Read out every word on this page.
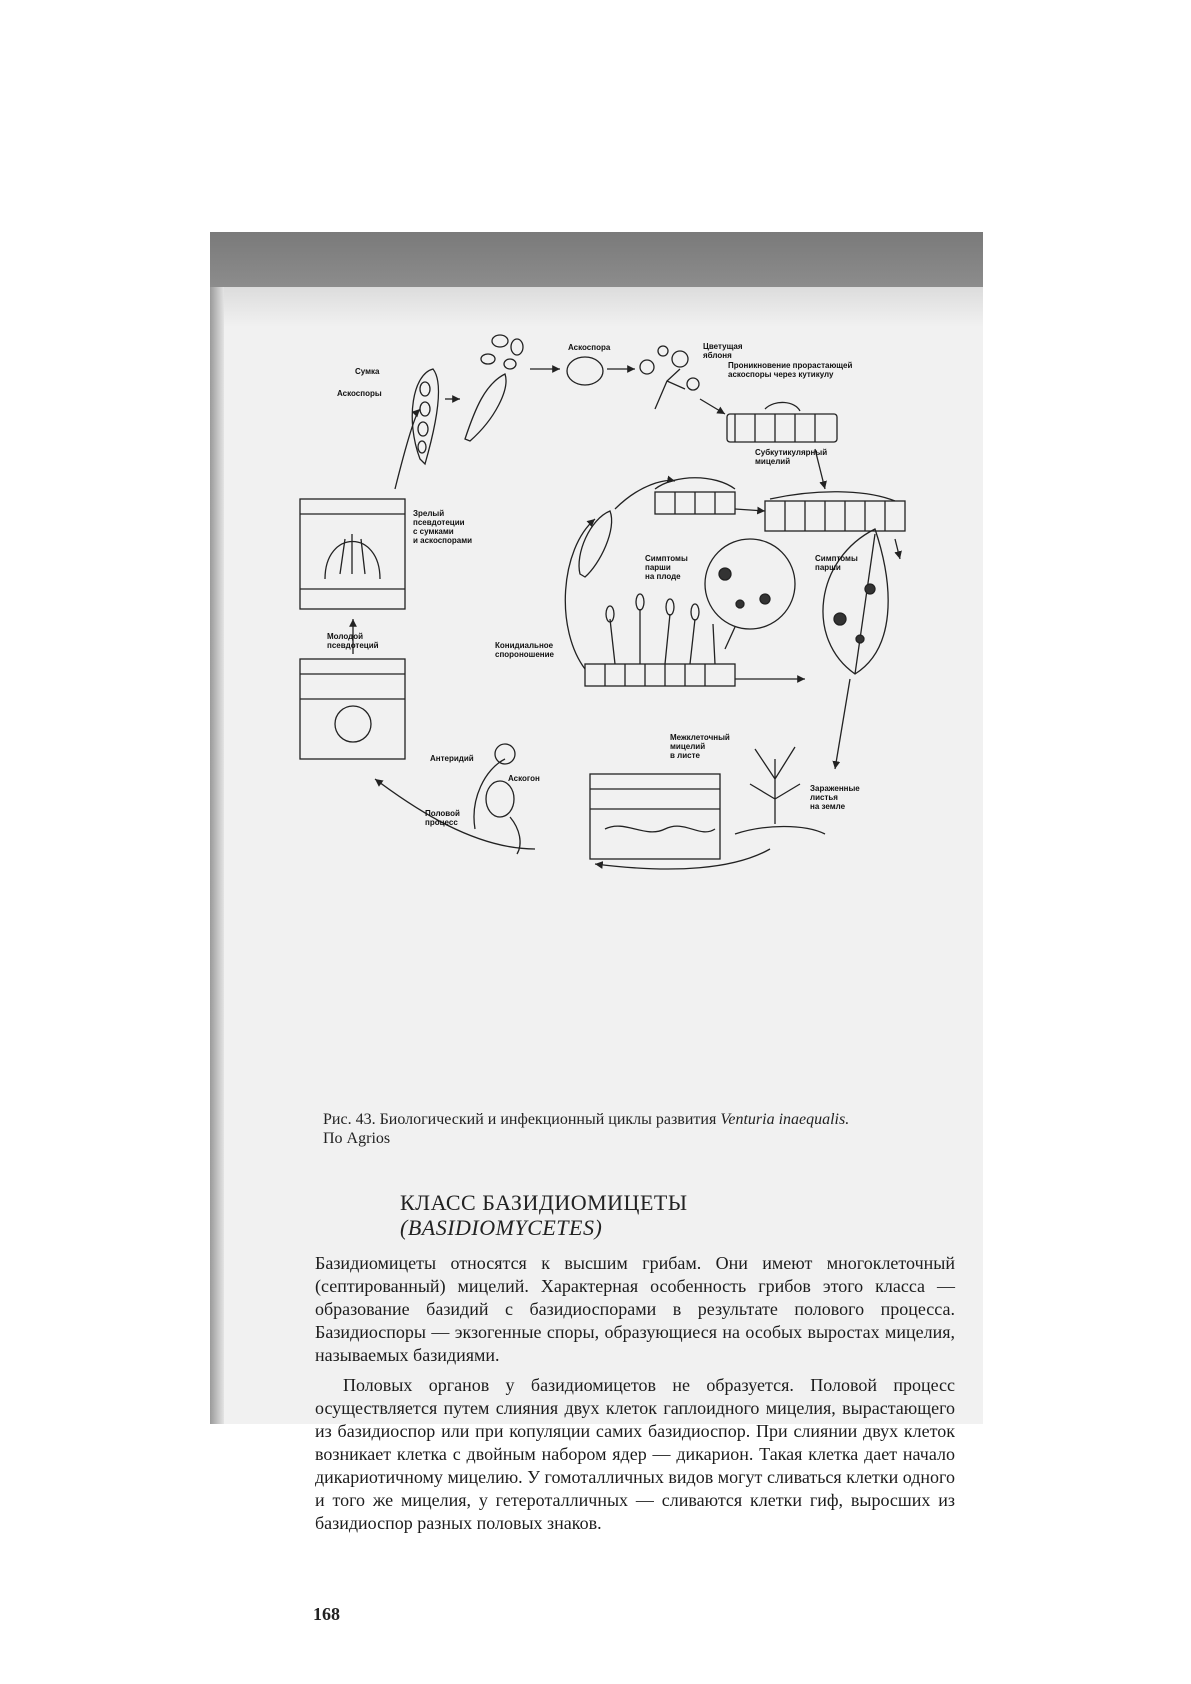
Сумка
Аскоспоры
Аскоспора	Цветущая
яблоня
Проникновение прорастающей
аскоспоры через кутикулу
Субкутикулярный
мицелий
Зрелый
псевдотеции
с сумками
и аскоспорами
Симптомы
парши
на плоде
Симптомы
парши
Молодой
псевдотеций	Конидиальное
спороношение
Межклеточный
мицелий
в листе
Антеридий
Аскогон
Половой
процесс
Зараженные
листья
на земле
Рис. 43. Биологический и инфекционный циклы развития Venturia inaequalis.
По Agrios
КЛАСС БАЗИДИОМИЦЕТЫ
(BASIDIOMYCETES)

Базидиомицеты относятся к высшим грибам. Они имеют многоклеточный (септированный) мицелий. Характерная особенность грибов этого класса — образование базидий с базидиоспорами в результате полового процесса. Базидиоспоры — экзогенные споры, образующиеся на особых выростах мицелия, называемых базидиями.

Половых органов у базидиомицетов не образуется. Половой процесс осуществляется путем слияния двух клеток гаплоидного мицелия, вырастающего из базидиоспор или при копуляции самих базидиоспор. При слиянии двух клеток возникает клетка с двойным набором ядер — дикарион. Такая клетка дает начало дикариотичному мицелию. У гомоталличных видов могут сливаться клетки одного и того же мицелия, у гетероталличных — сливаются клетки гиф, выросших из базидиоспор разных половых знаков.

168
